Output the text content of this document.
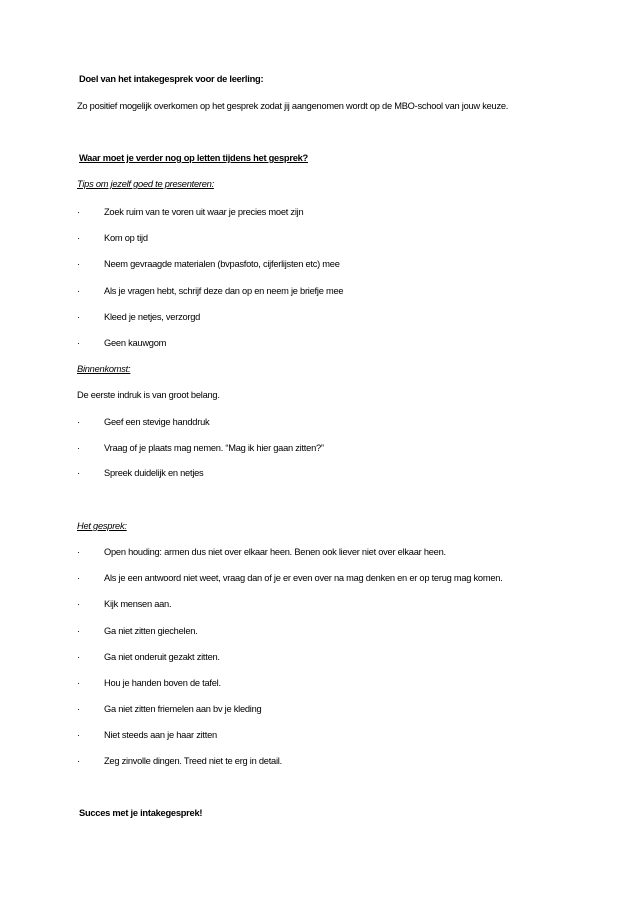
Doel van het intakegesprek voor de leerling:
Zo positief mogelijk overkomen op het gesprek zodat jij aangenomen wordt op de MBO-school van jouw keuze.
Waar moet je verder nog op letten tijdens het gesprek?
Tips om jezelf goed te presenteren:
·	Zoek ruim van te voren uit waar je precies moet zijn
·	Kom op tijd
·	Neem gevraagde materialen (bvpasfoto, cijferlijsten etc) mee
·	Als je vragen hebt, schrijf deze dan op en neem je briefje mee
·	Kleed je netjes, verzorgd
·	Geen kauwgom
Binnenkomst:
De eerste indruk is van groot belang.
·	Geef een stevige handdruk
·	Vraag of je plaats mag nemen. “Mag ik hier gaan zitten?”
·	Spreek duidelijk en netjes
Het gesprek:
·	Open houding: armen dus niet over elkaar heen. Benen ook liever niet over elkaar heen.
·	Als je een antwoord niet weet, vraag dan of je er even over na mag denken en er op terug mag komen.
·	Kijk mensen aan.
·	Ga niet zitten giechelen.
·	Ga niet onderuit gezakt zitten.
·	Hou je handen boven de tafel.
·	Ga niet zitten friemelen aan bv je kleding
·	Niet steeds aan je haar zitten
·	Zeg zinvolle dingen. Treed niet te erg in detail.
Succes met je intakegesprek!
